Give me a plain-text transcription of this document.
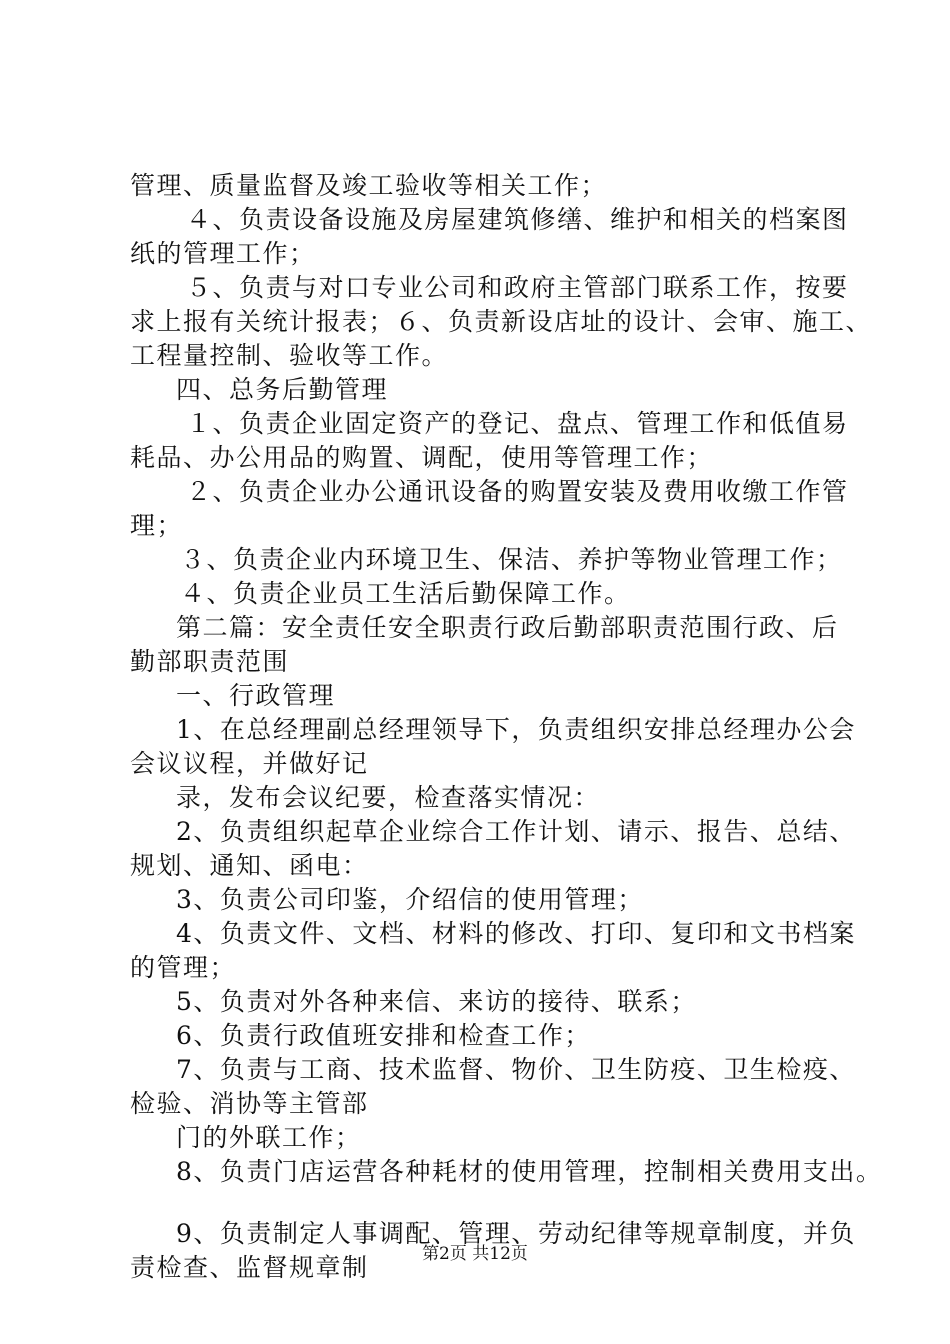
管理、质量监督及竣工验收等相关工作；
４、负责设备设施及房屋建筑修缮、维护和相关的档案图
纸的管理工作；
５、负责与对口专业公司和政府主管部门联系工作，按要
求上报有关统计报表；６、负责新设店址的设计、会审、施工、
工程量控制、验收等工作。
四、总务后勤管理
１、负责企业固定资产的登记、盘点、管理工作和低值易
耗品、办公用品的购置、调配，使用等管理工作；
２、负责企业办公通讯设备的购置安装及费用收缴工作管
理；
３、负责企业内环境卫生、保洁、养护等物业管理工作；
４、负责企业员工生活后勤保障工作。
第二篇：安全责任安全职责行政后勤部职责范围行政、后
勤部职责范围
一、行政管理
1、在总经理副总经理领导下，负责组织安排总经理办公会
会议议程，并做好记
录，发布会议纪要，检查落实情况：
2、负责组织起草企业综合工作计划、请示、报告、总结、
规划、通知、函电：
3、负责公司印鉴，介绍信的使用管理；
4、负责文件、文档、材料的修改、打印、复印和文书档案
的管理；
5、负责对外各种来信、来访的接待、联系；
6、负责行政值班安排和检查工作；
7、负责与工商、技术监督、物价、卫生防疫、卫生检疫、
检验、消协等主管部
门的外联工作；
8、负责门店运营各种耗材的使用管理，控制相关费用支出。
9、负责制定人事调配、管理、劳动纪律等规章制度，并负
责检查、监督规章制	第2页 共12页
